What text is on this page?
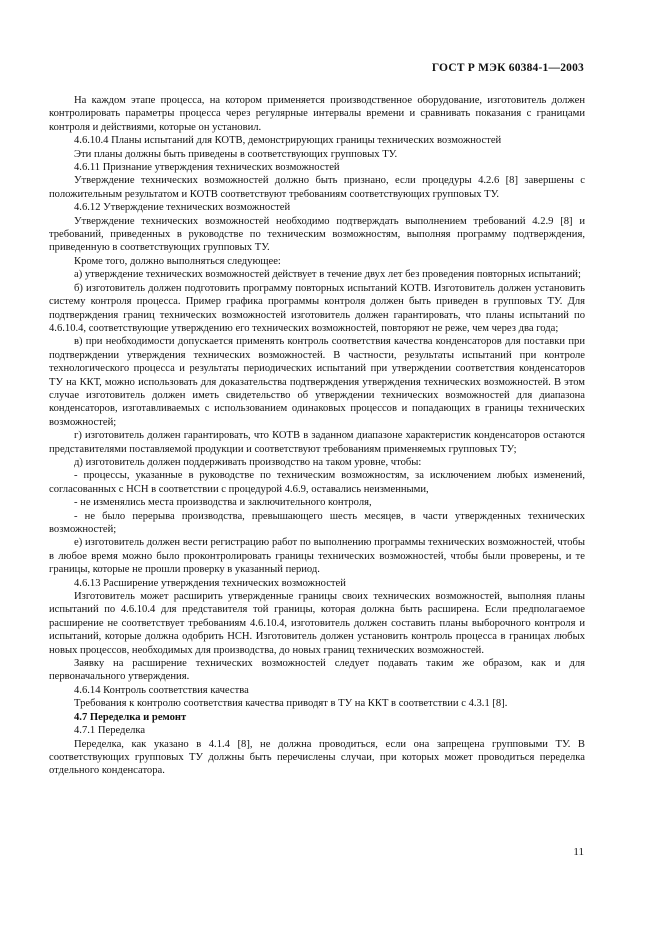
ГОСТ Р МЭК 60384-1—2003

На каждом этапе процесса, на котором применяется производственное оборудование, изготовитель должен контролировать параметры процесса через регулярные интервалы времени и сравнивать показания с границами контроля и действиями, которые он установил.

4.6.10.4 Планы испытаний для КОТВ, демонстрирующих границы технических возможностей

Эти планы должны быть приведены в соответствующих групповых ТУ.

4.6.11 Признание утверждения технических возможностей

Утверждение технических возможностей должно быть признано, если процедуры 4.2.6 [8] завершены с положительным результатом и КОТВ соответствуют требованиям соответствующих групповых ТУ.

4.6.12 Утверждение технических возможностей

Утверждение технических возможностей необходимо подтверждать выполнением требований 4.2.9 [8] и требований, приведенных в руководстве по техническим возможностям, выполняя программу подтверждения, приведенную в соответствующих групповых ТУ.

Кроме того, должно выполняться следующее:

а) утверждение технических возможностей действует в течение двух лет без проведения повторных испытаний;

б) изготовитель должен подготовить программу повторных испытаний КОТВ. Изготовитель должен установить систему контроля процесса. Пример графика программы контроля должен быть приведен в групповых ТУ. Для подтверждения границ технических возможностей изготовитель должен гарантировать, что планы испытаний по 4.6.10.4, соответствующие утверждению его технических возможностей, повторяют не реже, чем через два года;

в) при необходимости допускается применять контроль соответствия качества конденсаторов для поставки при подтверждении утверждения технических возможностей. В частности, результаты испытаний при контроле технологического процесса и результаты периодических испытаний при утверждении соответствия конденсаторов ТУ на ККТ, можно использовать для доказательства подтверждения утверждения технических возможностей. В этом случае изготовитель должен иметь свидетельство об утверждении технических возможностей для диапазона конденсаторов, изготавливаемых с использованием одинаковых процессов и попадающих в границы технических возможностей;

г) изготовитель должен гарантировать, что КОТВ в заданном диапазоне характеристик конденсаторов остаются представителями поставляемой продукции и соответствуют требованиям применяемых групповых ТУ;

д) изготовитель должен поддерживать производство на таком уровне, чтобы:

- процессы, указанные в руководстве по техническим возможностям, за исключением любых изменений, согласованных с НСН в соответствии с процедурой 4.6.9, оставались неизменными,

- не изменялись места производства и заключительного контроля,

- не было перерыва производства, превышающего шесть месяцев, в части утвержденных технических возможностей;

е) изготовитель должен вести регистрацию работ по выполнению программы технических возможностей, чтобы в любое время можно было проконтролировать границы технических возможностей, чтобы были проверены, и те границы, которые не прошли проверку в указанный период.

4.6.13 Расширение утверждения технических возможностей

Изготовитель может расширить утвержденные границы своих технических возможностей, выполняя планы испытаний по 4.6.10.4 для представителя той границы, которая должна быть расширена. Если предполагаемое расширение не соответствует требованиям 4.6.10.4, изготовитель должен составить планы выборочного контроля и испытаний, которые должна одобрить НСН. Изготовитель должен установить контроль процесса в границах любых новых процессов, необходимых для производства, до новых границ технических возможностей.

Заявку на расширение технических возможностей следует подавать таким же образом, как и для первоначального утверждения.

4.6.14 Контроль соответствия качества

Требования к контролю соответствия качества приводят в ТУ на ККТ в соответствии с 4.3.1 [8].

4.7 Переделка и ремонт

4.7.1 Переделка

Переделка, как указано в 4.1.4 [8], не должна проводиться, если она запрещена групповыми ТУ. В соответствующих групповых ТУ должны быть перечислены случаи, при которых может проводиться переделка отдельного конденсатора.

11
